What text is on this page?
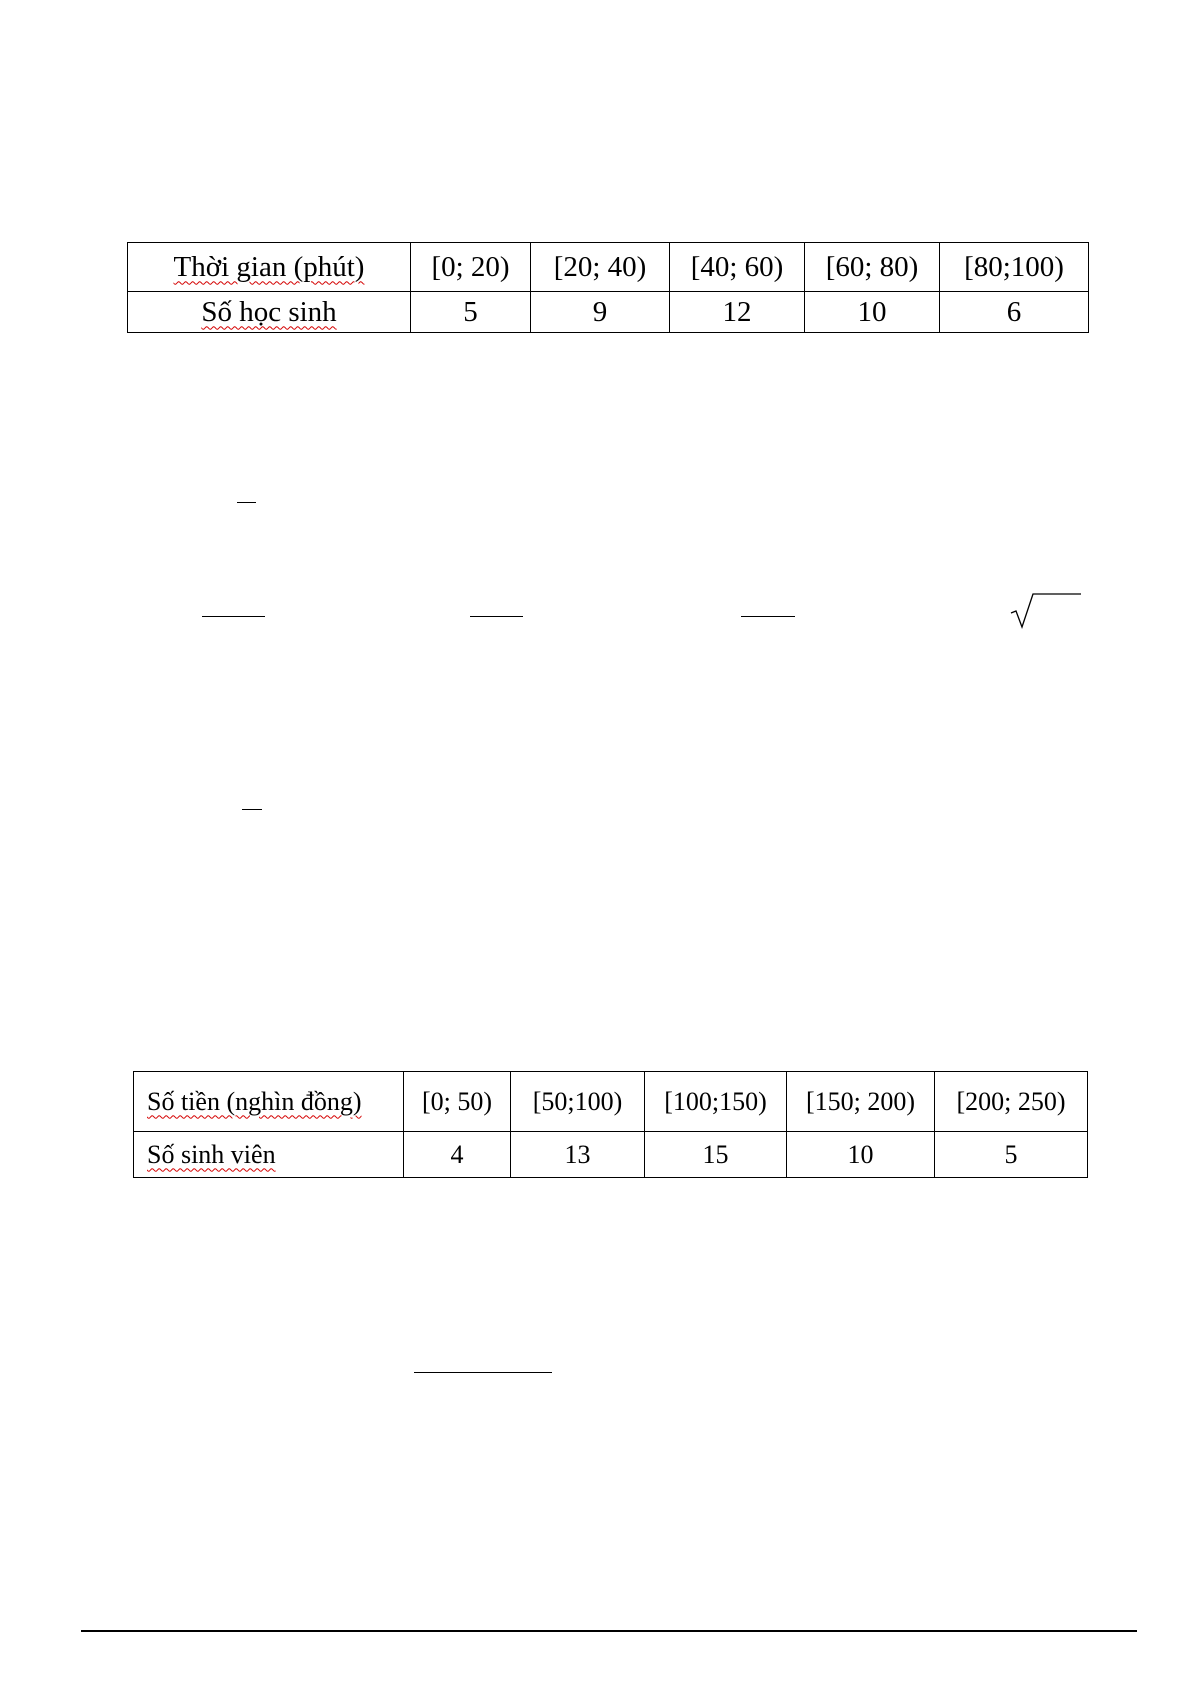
Thời gian (phút)	[0; 20)	[20; 40)	[40; 60)	[60; 80)	[80;100)
Số học sinh	5	9	12	10	6
Số tiền (nghìn đồng)	[0; 50)	[50;100)	[100;150)	[150; 200)	[200; 250)
Số sinh viên	4	13	15	10	5
